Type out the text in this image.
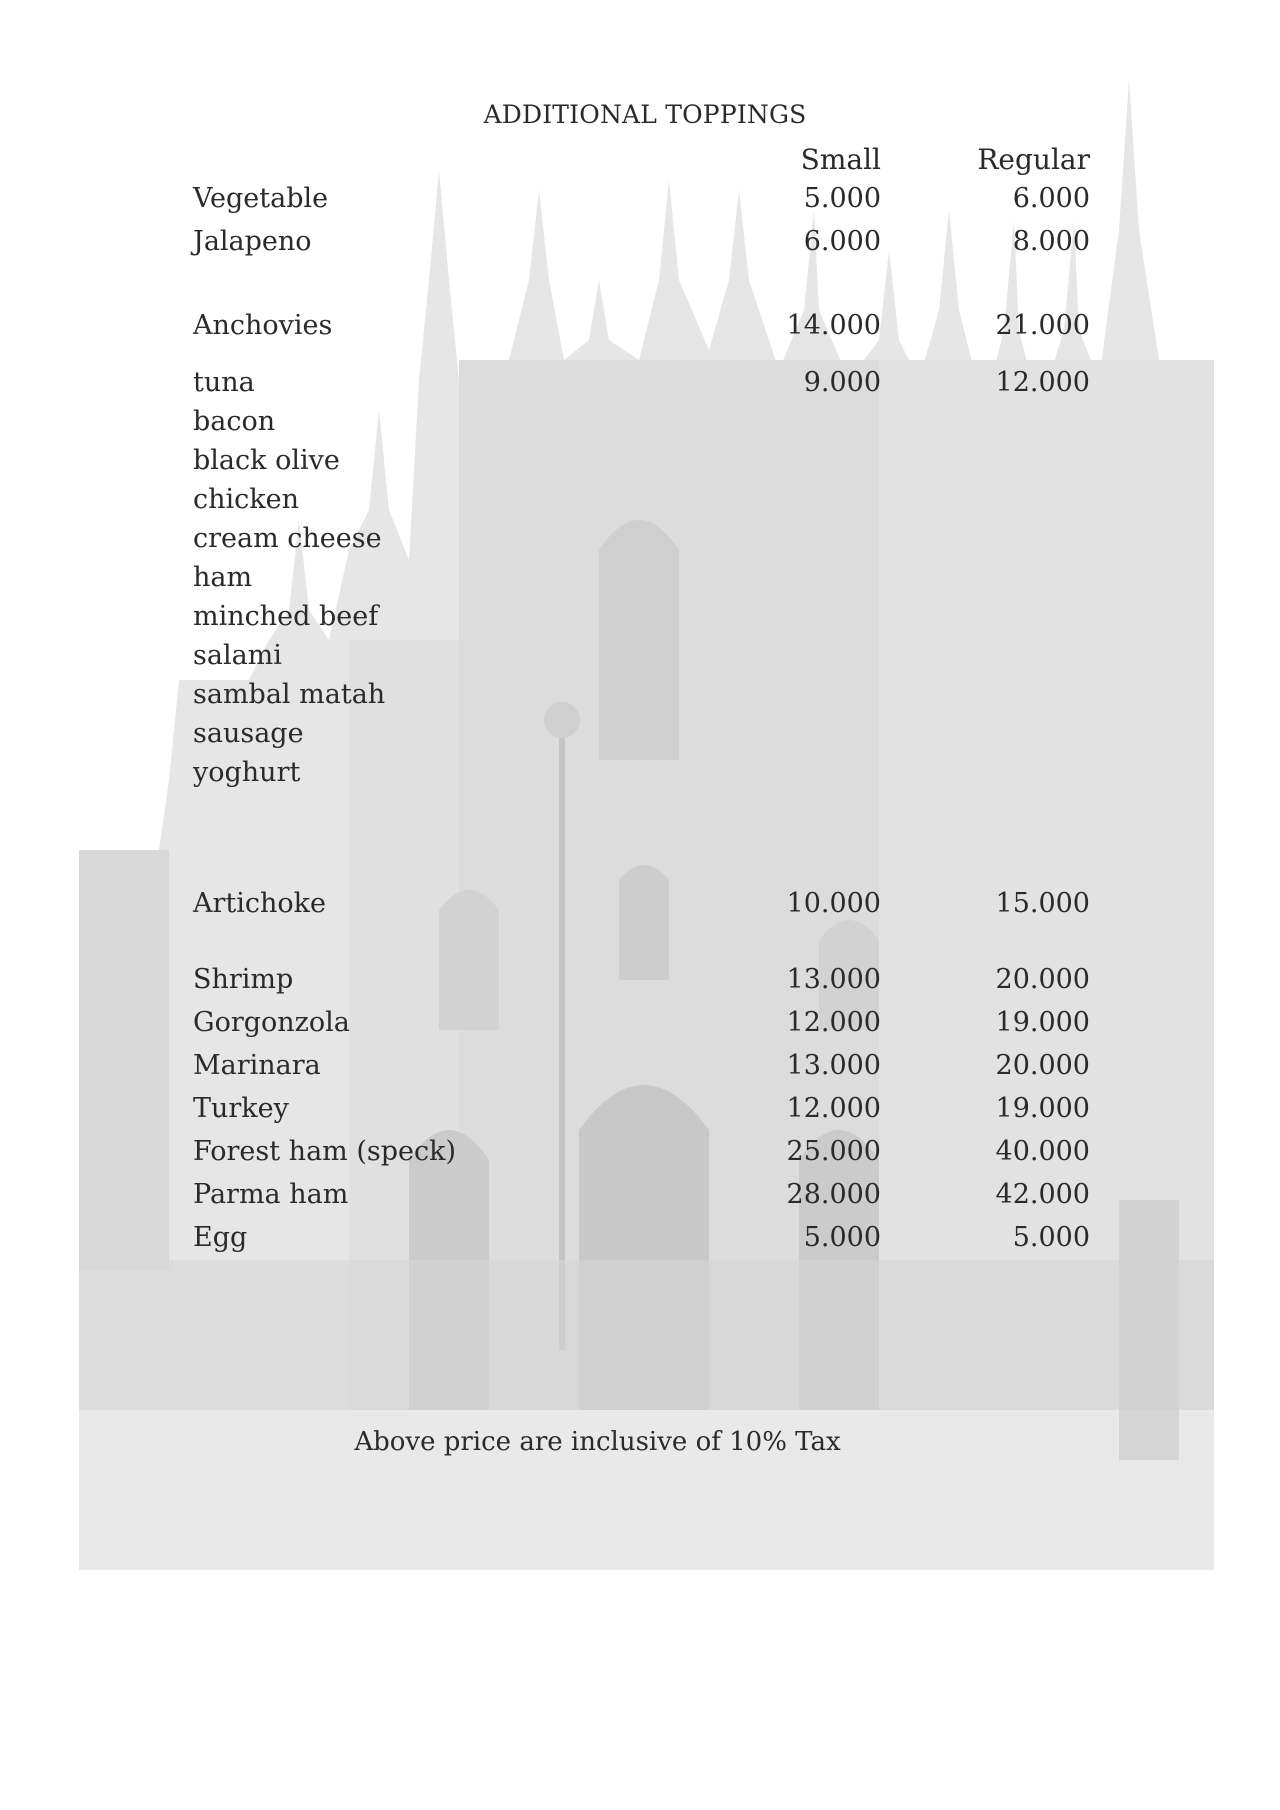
ADDITIONAL TOPPINGS
Small	Regular
Vegetable	5.000	6.000
Jalapeno	6.000	8.000
Anchovies	14.000	21.000
tuna	9.000	12.000
bacon
black olive
chicken
cream cheese
ham
minched beef
salami
sambal matah
sausage
yoghurt
Artichoke	10.000	15.000
Shrimp	13.000	20.000
Gorgonzola	12.000	19.000
Marinara	13.000	20.000
Turkey	12.000	19.000
Forest ham (speck)	25.000	40.000
Parma ham	28.000	42.000
Egg	5.000	5.000
Above price are inclusive of 10% Tax
